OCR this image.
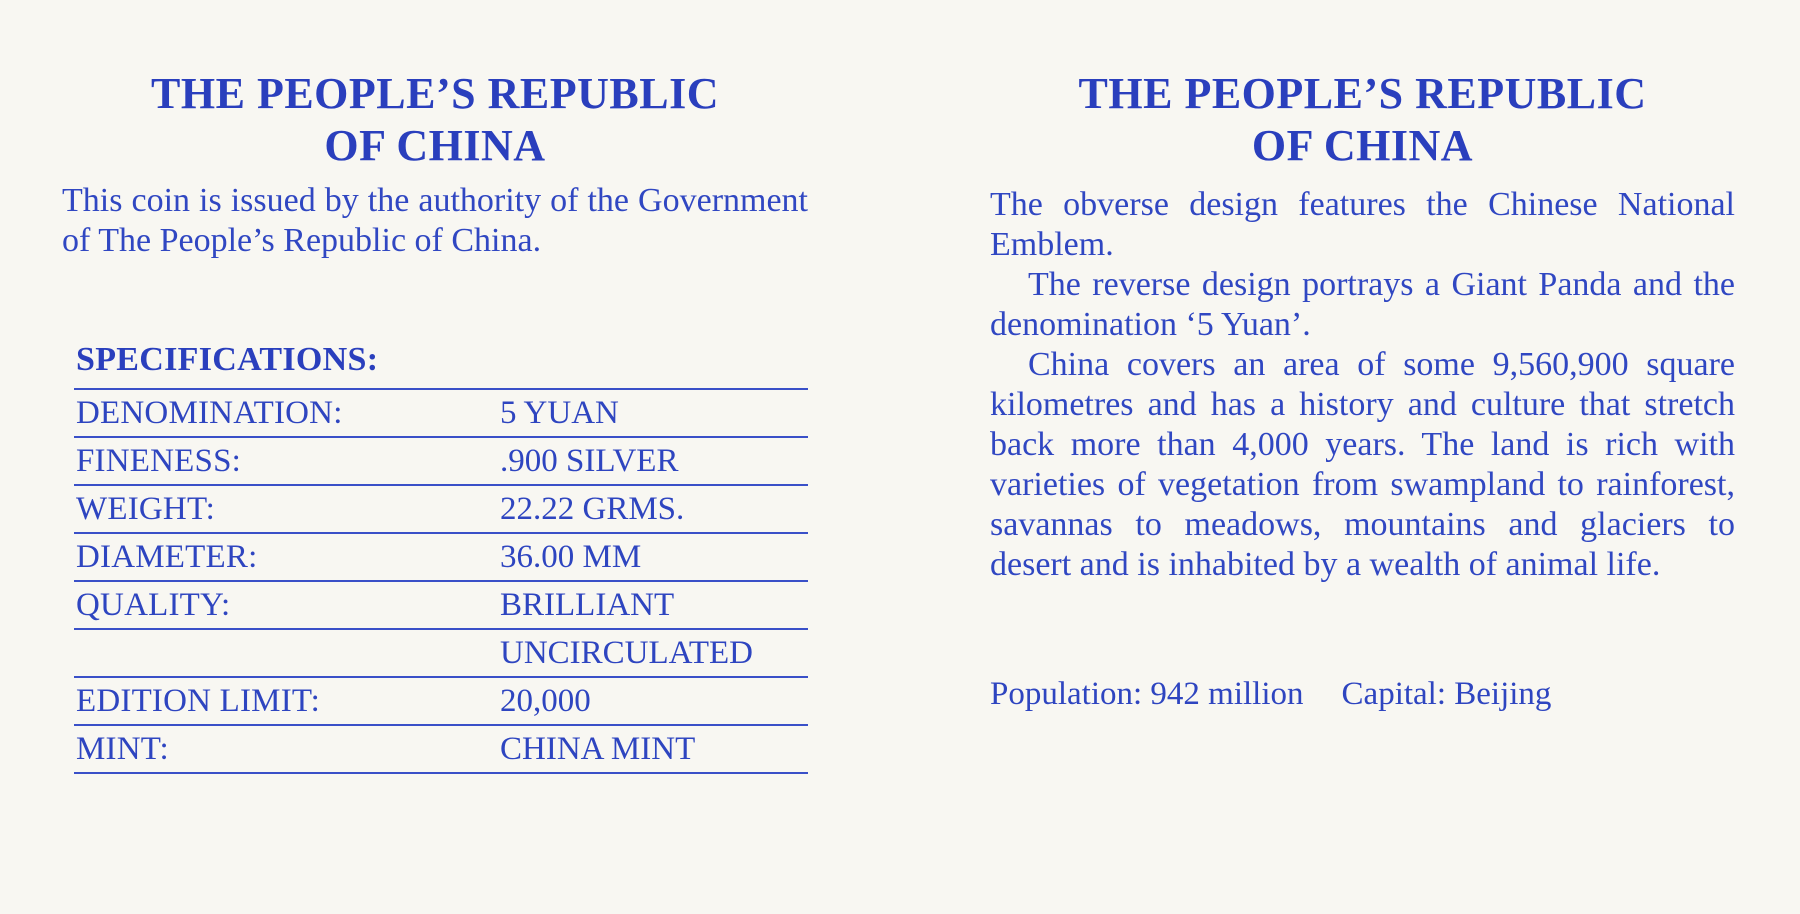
THE PEOPLE’S REPUBLIC
OF CHINA

This coin is issued by the authority of the Government of The People’s Republic of China.

SPECIFICATIONS:
DENOMINATION:	5 YUAN
FINENESS:	.900 SILVER
WEIGHT:	22.22 GRMS.
DIAMETER:	36.00 MM
QUALITY:	BRILLIANT
UNCIRCULATED
EDITION LIMIT:	20,000
MINT:	CHINA MINT
THE PEOPLE’S REPUBLIC
OF CHINA

The obverse design features the Chinese National Emblem.

The reverse design portrays a Giant Panda and the denomination ‘5 Yuan’.

China covers an area of some 9,560,900 square kilometres and has a history and culture that stretch back more than 4,000 years. The land is rich with varieties of vegetation from swampland to rainforest, savannas to meadows, mountains and glaciers to desert and is inhabited by a wealth of animal life.

Population: 942 million Capital: Beijing
